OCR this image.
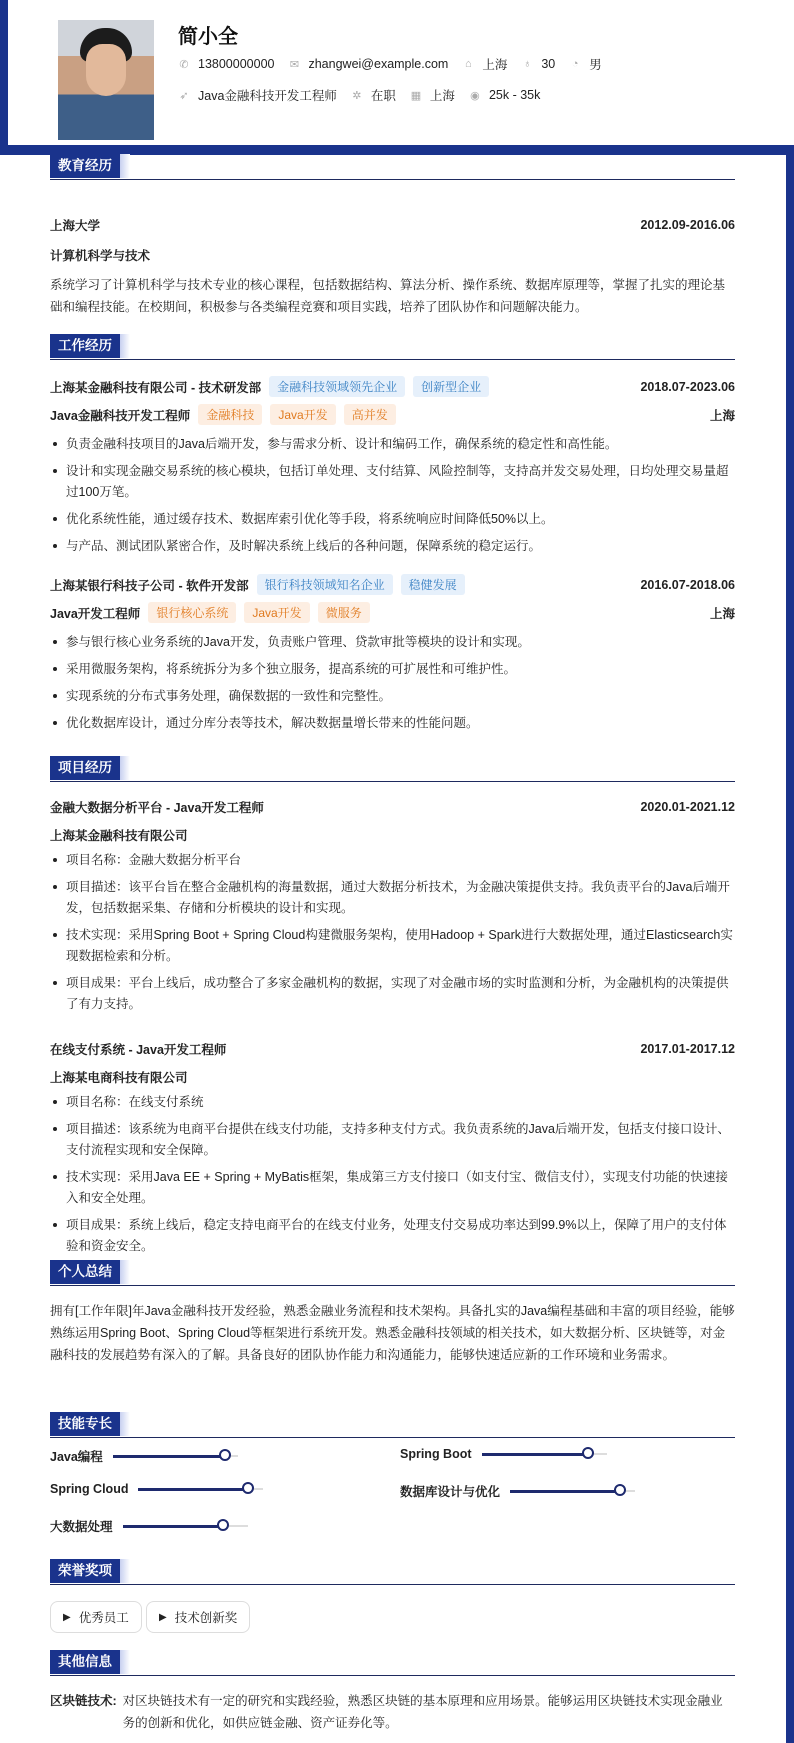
简小全
✆ 13800000000 ✉ zhangwei@example.com ⌂ 上海 ♁ 30 ◔ 男
➶ Java金融科技开发工程师 ✲ 在职 ▦ 上海 ◉ 25k - 35k
教育经历
上海大学	2012.09-2016.06
计算机科学与技术
系统学习了计算机科学与技术专业的核心课程，包括数据结构、算法分析、操作系统、数据库原理等，掌握了扎实的理论基础和编程技能。在校期间，积极参与各类编程竞赛和项目实践，培养了团队协作和问题解决能力。
工作经历
上海某金融科技有限公司 - 技术研发部	金融科技领域领先企业	创新型企业	2018.07-2023.06
Java金融科技开发工程师	金融科技	Java开发	高并发	上海
负责金融科技项目的Java后端开发，参与需求分析、设计和编码工作，确保系统的稳定性和高性能。
设计和实现金融交易系统的核心模块，包括订单处理、支付结算、风险控制等，支持高并发交易处理，日均处理交易量超过100万笔。
优化系统性能，通过缓存技术、数据库索引优化等手段，将系统响应时间降低50%以上。
与产品、测试团队紧密合作，及时解决系统上线后的各种问题，保障系统的稳定运行。
上海某银行科技子公司 - 软件开发部	银行科技领域知名企业	稳健发展	2016.07-2018.06
Java开发工程师	银行核心系统	Java开发	微服务	上海
参与银行核心业务系统的Java开发，负责账户管理、贷款审批等模块的设计和实现。
采用微服务架构，将系统拆分为多个独立服务，提高系统的可扩展性和可维护性。
实现系统的分布式事务处理，确保数据的一致性和完整性。
优化数据库设计，通过分库分表等技术，解决数据量增长带来的性能问题。
项目经历
金融大数据分析平台 - Java开发工程师	2020.01-2021.12
上海某金融科技有限公司
项目名称：金融大数据分析平台
项目描述：该平台旨在整合金融机构的海量数据，通过大数据分析技术，为金融决策提供支持。我负责平台的Java后端开发，包括数据采集、存储和分析模块的设计和实现。
技术实现：采用Spring Boot + Spring Cloud构建微服务架构，使用Hadoop + Spark进行大数据处理，通过Elasticsearch实现数据检索和分析。
项目成果：平台上线后，成功整合了多家金融机构的数据，实现了对金融市场的实时监测和分析，为金融机构的决策提供了有力支持。
在线支付系统 - Java开发工程师	2017.01-2017.12
上海某电商科技有限公司
项目名称：在线支付系统
项目描述：该系统为电商平台提供在线支付功能，支持多种支付方式。我负责系统的Java后端开发，包括支付接口设计、支付流程实现和安全保障。
技术实现：采用Java EE + Spring + MyBatis框架，集成第三方支付接口（如支付宝、微信支付），实现支付功能的快速接入和安全处理。
项目成果：系统上线后，稳定支持电商平台的在线支付业务，处理支付交易成功率达到99.9%以上，保障了用户的支付体验和资金安全。
个人总结
拥有[工作年限]年Java金融科技开发经验，熟悉金融业务流程和技术架构。具备扎实的Java编程基础和丰富的项目经验，能够熟练运用Spring Boot、Spring Cloud等框架进行系统开发。熟悉金融科技领域的相关技术，如大数据分析、区块链等，对金融科技的发展趋势有深入的了解。具备良好的团队协作能力和沟通能力，能够快速适应新的工作环境和业务需求。
技能专长
Java编程	Spring Boot
Spring Cloud	数据库设计与优化
大数据处理
荣誉奖项
▶ 优秀员工	▶ 技术创新奖
其他信息
区块链技术: 对区块链技术有一定的研究和实践经验，熟悉区块链的基本原理和应用场景。能够运用区块链技术实现金融业务的创新和优化，如供应链金融、资产证券化等。
